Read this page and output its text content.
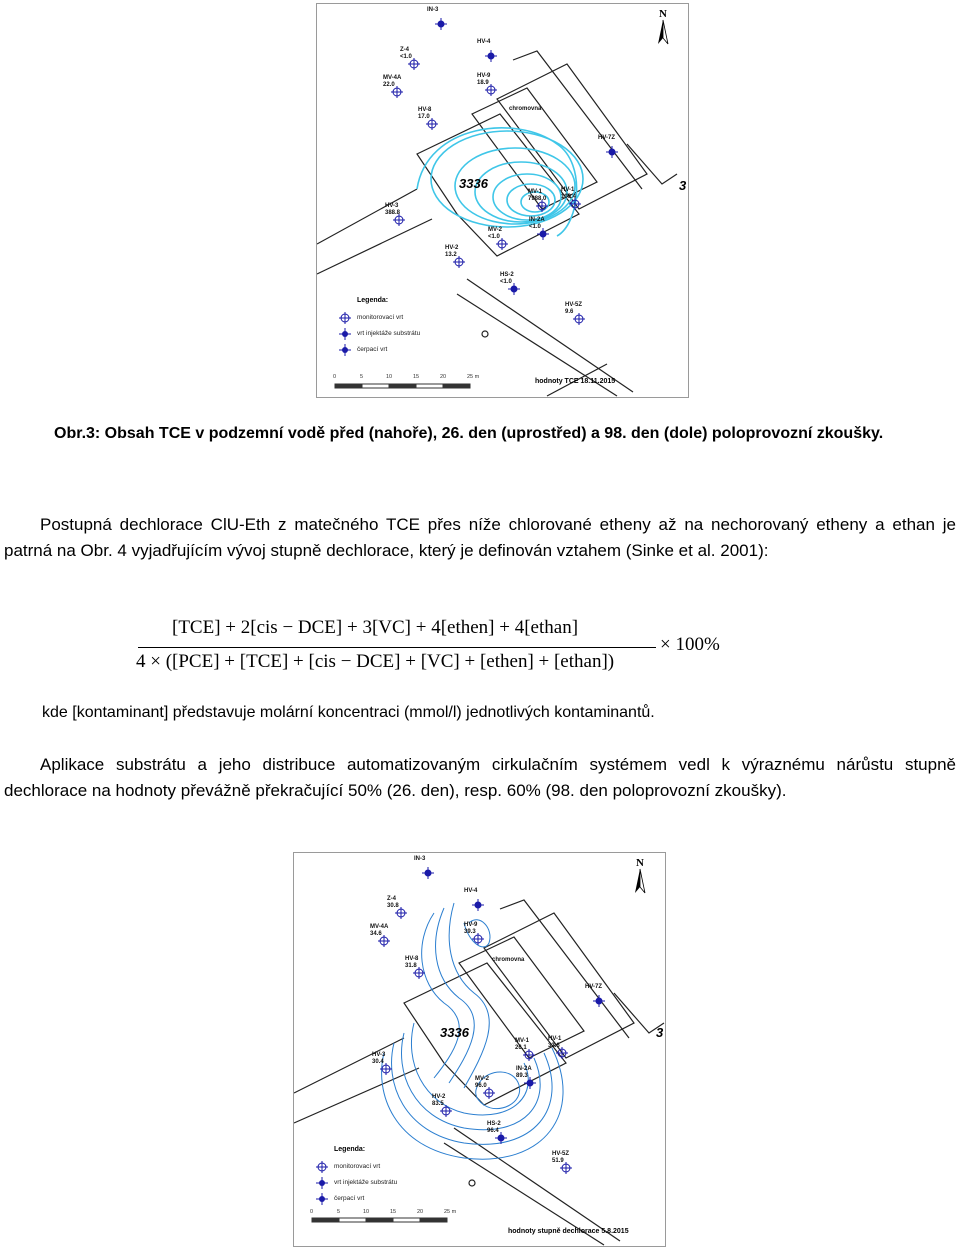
N
3336
chromovna
3
IN-3
Z-4
<1.0
HV-4
MV-4A
22.0
HV-9
18.9
HV-8
17.0
HV-7Z
MV-1
7988.0
HV-1
109.4
HV-3
388.8
IN-2A
<1.0
MV-2
<1.0
HV-2
13.2
HS-2
<1.0
HV-5Z
9.6
Legenda:
monitorovací vrt
vrt injektáže substrátu
čerpací vrt
0	5	10	15	20	25 m
hodnoty TCE 18.11.2015
Obr.3: Obsah TCE v podzemní vodě před (nahoře), 26. den (uprostřed) a 98. den (dole) poloprovozní zkoušky.
Postupná dechlorace ClU-Eth z matečného TCE přes níže chlorované etheny až na nechorovaný etheny a ethan je patrná na Obr. 4 vyjadřujícím vývoj stupně dechlorace, který je definován vztahem (Sinke et al. 2001):
[TCE] + 2[cis − DCE] + 3[VC] + 4[ethen] + 4[ethan]
4 × ([PCE] + [TCE] + [cis − DCE] + [VC] + [ethen] + [ethan])
× 100%
kde [kontaminant] představuje molární koncentraci (mmol/l) jednotlivých kontaminantů.
Aplikace substrátu a jeho distribuce automatizovaným cirkulačním systémem vedl k výraznému nárůstu stupně dechlorace na hodnoty převážně překračující 50% (26. den), resp. 60% (98. den poloprovozní zkoušky).
N
3336
chromovna
3
IN-3
Z-4
30.8
HV-4
MV-4A
34.6
HV-9
39.3
HV-8
31.8
HV-7Z
MV-1
26.1
HV-1
32.6
HV-3
30.4
IN-2A
89.3
MV-2
96.0
HV-2
83.5
HS-2
96.4
HV-5Z
51.9
Legenda:
monitorovací vrt
vrt injektáže substrátu
čerpací vrt
0	5	10	15	20	25 m
hodnoty stupně dechlorace 5.8.2015
